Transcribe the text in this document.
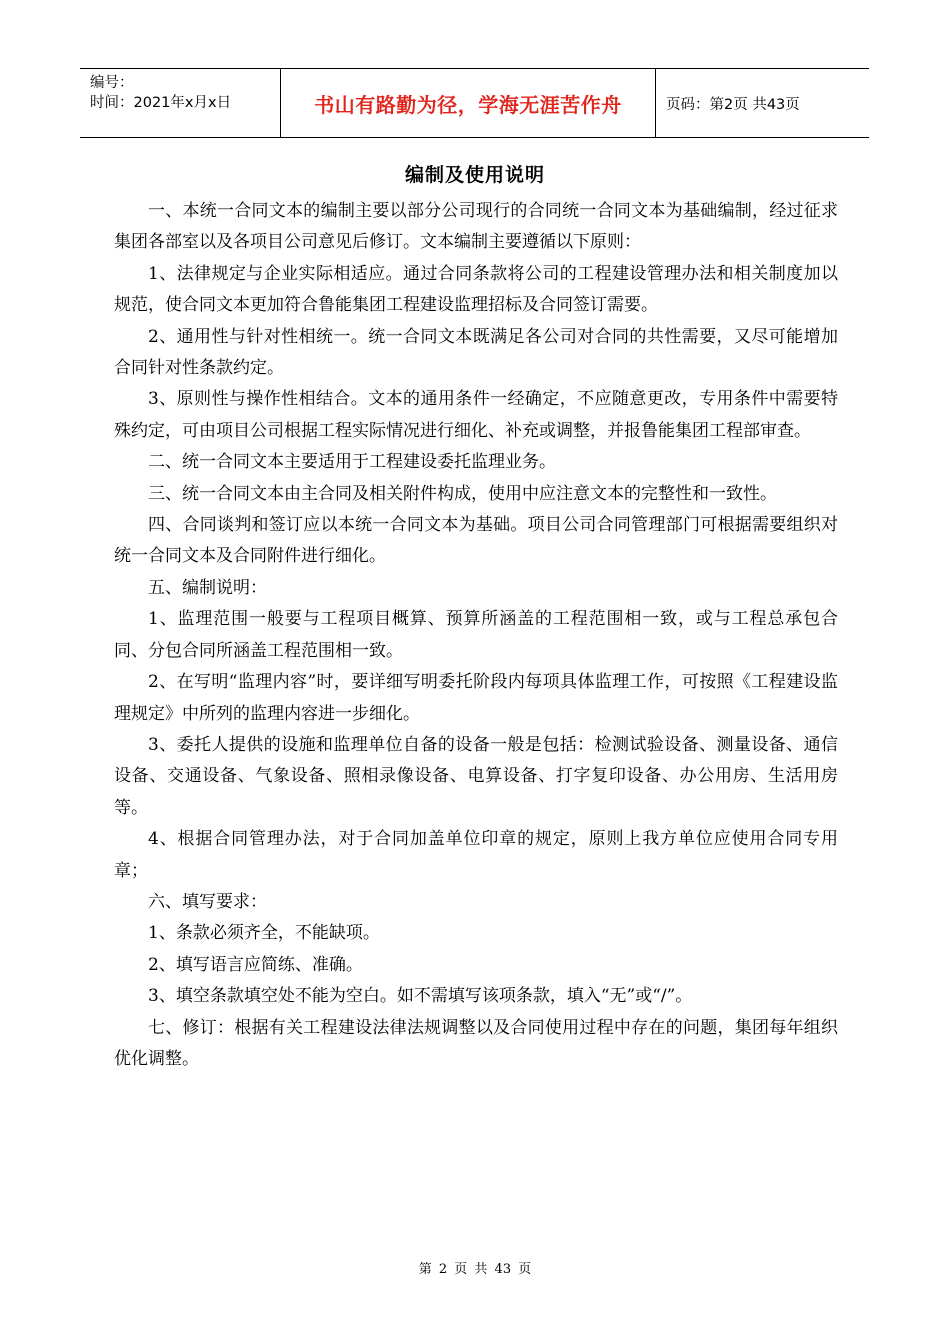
编号：
时间：2021年x月x日	书山有路勤为径，学海无涯苦作舟	页码：第2页 共43页
编制及使用说明

一、本统一合同文本的编制主要以部分公司现行的合同统一合同文本为基础编制，经过征求集团各部室以及各项目公司意见后修订。文本编制主要遵循以下原则：

1、法律规定与企业实际相适应。通过合同条款将公司的工程建设管理办法和相关制度加以规范，使合同文本更加符合鲁能集团工程建设监理招标及合同签订需要。

2、通用性与针对性相统一。统一合同文本既满足各公司对合同的共性需要，又尽可能增加合同针对性条款约定。

3、原则性与操作性相结合。文本的通用条件一经确定，不应随意更改，专用条件中需要特殊约定，可由项目公司根据工程实际情况进行细化、补充或调整，并报鲁能集团工程部审查。

二、统一合同文本主要适用于工程建设委托监理业务。

三、统一合同文本由主合同及相关附件构成，使用中应注意文本的完整性和一致性。

四、合同谈判和签订应以本统一合同文本为基础。项目公司合同管理部门可根据需要组织对统一合同文本及合同附件进行细化。

五、编制说明：

1、监理范围一般要与工程项目概算、预算所涵盖的工程范围相一致，或与工程总承包合同、分包合同所涵盖工程范围相一致。

2、在写明“监理内容”时，要详细写明委托阶段内每项具体监理工作，可按照《工程建设监理规定》中所列的监理内容进一步细化。

3、委托人提供的设施和监理单位自备的设备一般是包括：检测试验设备、测量设备、通信设备、交通设备、气象设备、照相录像设备、电算设备、打字复印设备、办公用房、生活用房等。

4、根据合同管理办法，对于合同加盖单位印章的规定，原则上我方单位应使用合同专用章；

六、填写要求：

1、条款必须齐全，不能缺项。

2、填写语言应简练、准确。

3、填空条款填空处不能为空白。如不需填写该项条款，填入“无”或“/”。

七、修订：根据有关工程建设法律法规调整以及合同使用过程中存在的问题，集团每年组织优化调整。

第 2 页 共 43 页
